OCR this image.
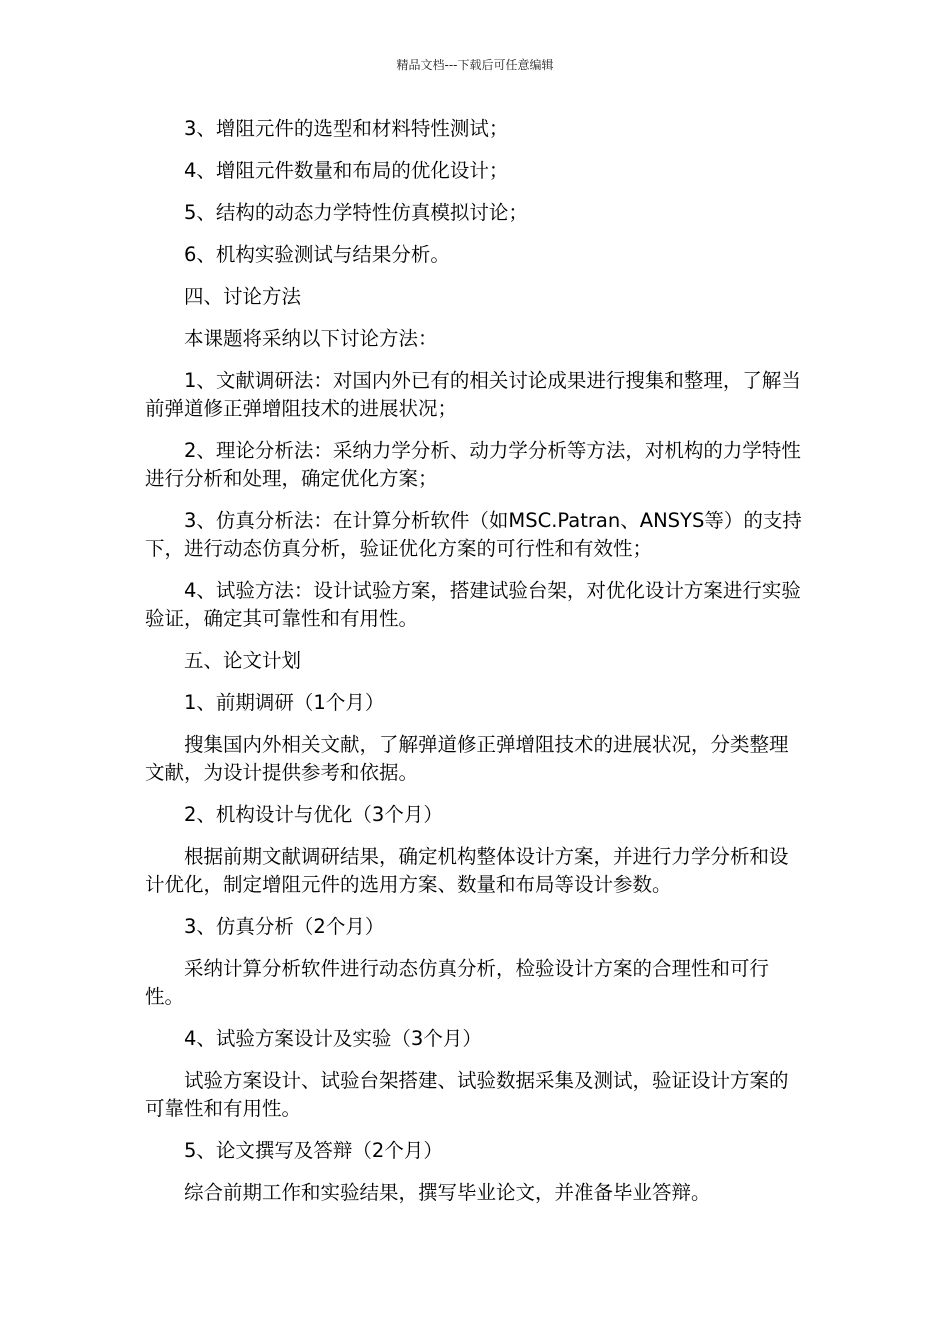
精品文档---下载后可任意编辑

3、增阻元件的选型和材料特性测试；

4、增阻元件数量和布局的优化设计；

5、结构的动态力学特性仿真模拟讨论；

6、机构实验测试与结果分析。

四、讨论方法

本课题将采纳以下讨论方法：

1、文献调研法：对国内外已有的相关讨论成果进行搜集和整理，了解当前弹道修正弹增阻技术的进展状况；

2、理论分析法：采纳力学分析、动力学分析等方法，对机构的力学特性进行分析和处理，确定优化方案；

3、仿真分析法：在计算分析软件（如MSC.Patran、ANSYS等）的支持下，进行动态仿真分析，验证优化方案的可行性和有效性；

4、试验方法：设计试验方案，搭建试验台架，对优化设计方案进行实验验证，确定其可靠性和有用性。

五、论文计划

1、前期调研（1个月）

搜集国内外相关文献，了解弹道修正弹增阻技术的进展状况，分类整理文献，为设计提供参考和依据。

2、机构设计与优化（3个月）

根据前期文献调研结果，确定机构整体设计方案，并进行力学分析和设计优化，制定增阻元件的选用方案、数量和布局等设计参数。

3、仿真分析（2个月）

采纳计算分析软件进行动态仿真分析，检验设计方案的合理性和可行性。

4、试验方案设计及实验（3个月）

试验方案设计、试验台架搭建、试验数据采集及测试，验证设计方案的可靠性和有用性。

5、论文撰写及答辩（2个月）

综合前期工作和实验结果，撰写毕业论文，并准备毕业答辩。
